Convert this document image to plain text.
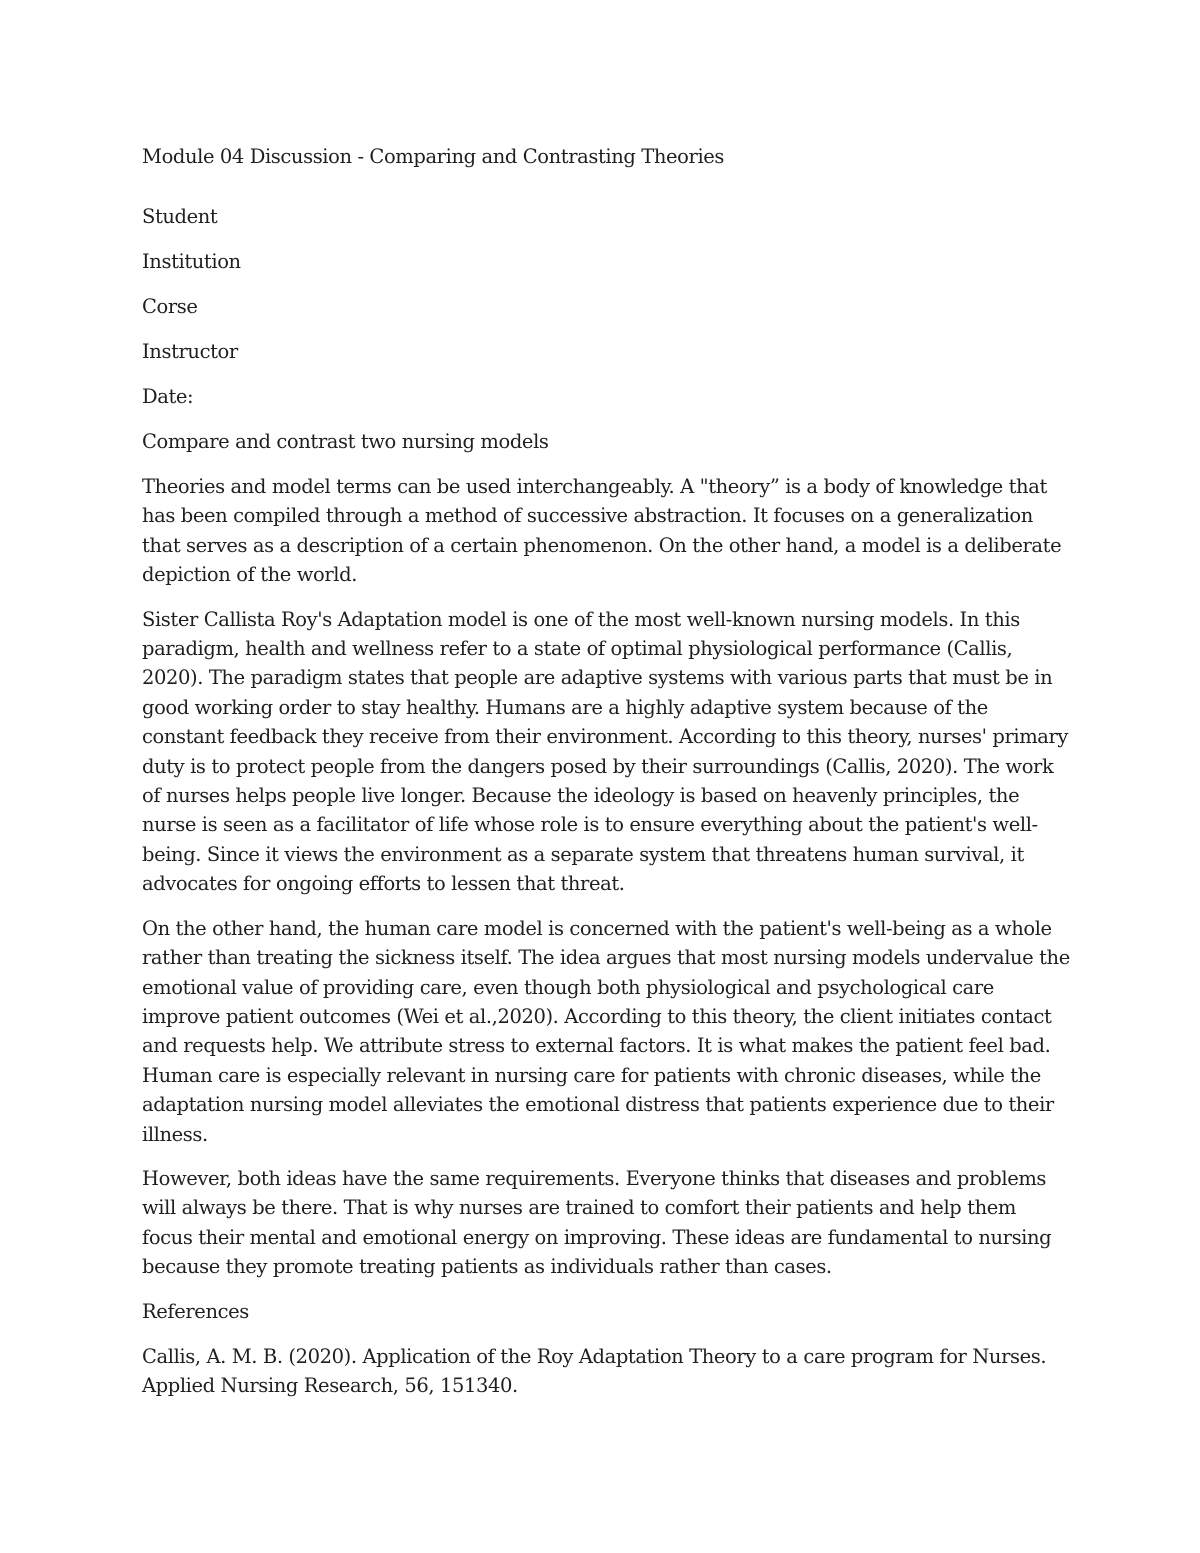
Module 04 Discussion - Comparing and Contrasting Theories

Student

Institution

Corse

Instructor

Date:

Compare and contrast two nursing models

Theories and model terms can be used interchangeably. A "theory” is a body of knowledge that has been compiled through a method of successive abstraction. It focuses on a generalization that serves as a description of a certain phenomenon. On the other hand, a model is a deliberate depiction of the world.

Sister Callista Roy's Adaptation model is one of the most well-known nursing models. In this paradigm, health and wellness refer to a state of optimal physiological performance (Callis, 2020). The paradigm states that people are adaptive systems with various parts that must be in good working order to stay healthy. Humans are a highly adaptive system because of the constant feedback they receive from their environment. According to this theory, nurses' primary duty is to protect people from the dangers posed by their surroundings (Callis, 2020). The work of nurses helps people live longer. Because the ideology is based on heavenly principles, the nurse is seen as a facilitator of life whose role is to ensure everything about the patient's well-being. Since it views the environment as a separate system that threatens human survival, it advocates for ongoing efforts to lessen that threat.

On the other hand, the human care model is concerned with the patient's well-being as a whole rather than treating the sickness itself. The idea argues that most nursing models undervalue the emotional value of providing care, even though both physiological and psychological care improve patient outcomes (Wei et al.,2020). According to this theory, the client initiates contact and requests help. We attribute stress to external factors. It is what makes the patient feel bad. Human care is especially relevant in nursing care for patients with chronic diseases, while the adaptation nursing model alleviates the emotional distress that patients experience due to their illness.

However, both ideas have the same requirements. Everyone thinks that diseases and problems will always be there. That is why nurses are trained to comfort their patients and help them focus their mental and emotional energy on improving. These ideas are fundamental to nursing because they promote treating patients as individuals rather than cases.

References

Callis, A. M. B. (2020). Application of the Roy Adaptation Theory to a care program for Nurses. Applied Nursing Research, 56, 151340.
